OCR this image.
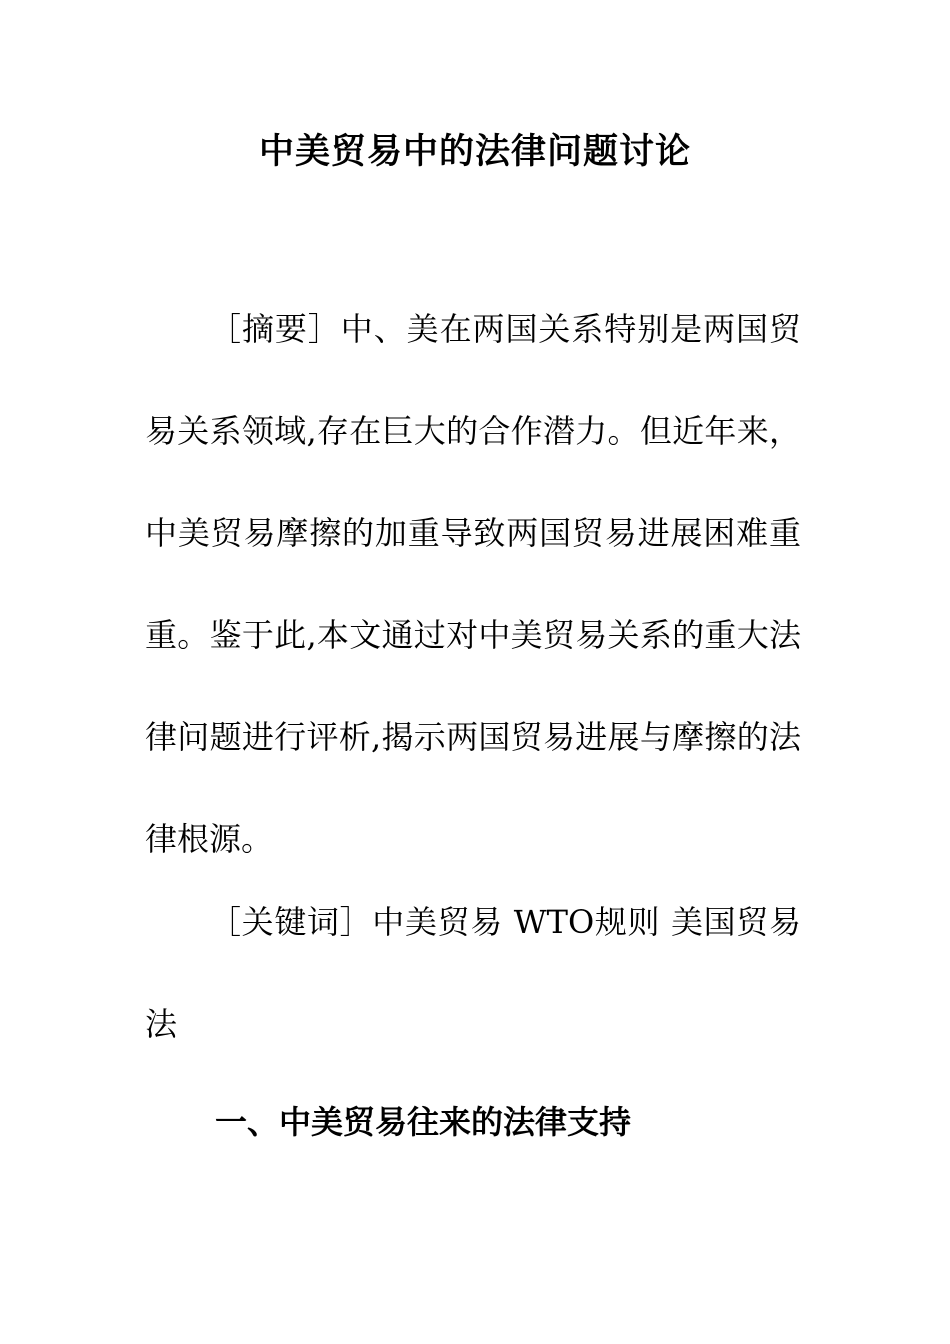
中美贸易中的法律问题讨论

［摘要］中、美在两国关系特别是两国贸易关系领域,存在巨大的合作潜力。但近年来，中美贸易摩擦的加重导致两国贸易进展困难重重。鉴于此,本文通过对中美贸易关系的重大法律问题进行评析,揭示两国贸易进展与摩擦的法律根源。

［关键词］中美贸易 WTO规则 美国贸易法

一、中美贸易往来的法律支持
